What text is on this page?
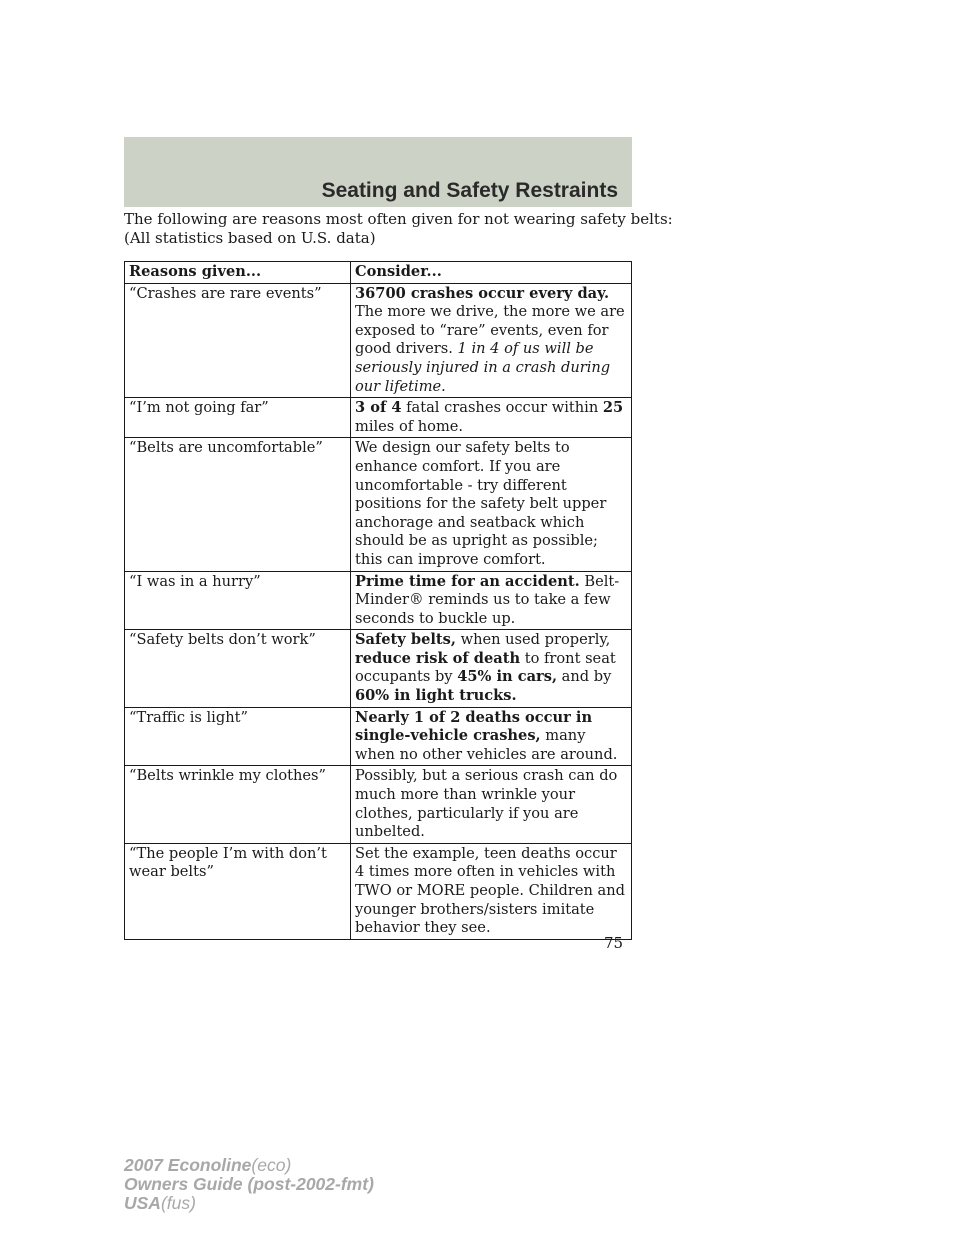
Seating and Safety Restraints
The following are reasons most often given for not wearing safety belts:
(All statistics based on U.S. data)
Reasons given...	Consider...
“Crashes are rare events”	36700 crashes occur every day. The more we drive, the more we are exposed to “rare” events, even for good drivers. 1 in 4 of us will be seriously injured in a crash during our lifetime.
“I’m not going far”	3 of 4 fatal crashes occur within 25 miles of home.
“Belts are uncomfortable”	We design our safety belts to enhance comfort. If you are uncomfortable - try different positions for the safety belt upper anchorage and seatback which should be as upright as possible; this can improve comfort.
“I was in a hurry”	Prime time for an accident. Belt-Minder® reminds us to take a few seconds to buckle up.
“Safety belts don’t work”	Safety belts, when used properly, reduce risk of death to front seat occupants by 45% in cars, and by 60% in light trucks.
“Traffic is light”	Nearly 1 of 2 deaths occur in single-vehicle crashes, many when no other vehicles are around.
“Belts wrinkle my clothes”	Possibly, but a serious crash can do much more than wrinkle your clothes, particularly if you are unbelted.
“The people I’m with don’t wear belts”	Set the example, teen deaths occur 4 times more often in vehicles with TWO or MORE people. Children and younger brothers/sisters imitate behavior they see.
75
2007 Econoline(eco)
Owners Guide (post-2002-fmt)
USA(fus)
